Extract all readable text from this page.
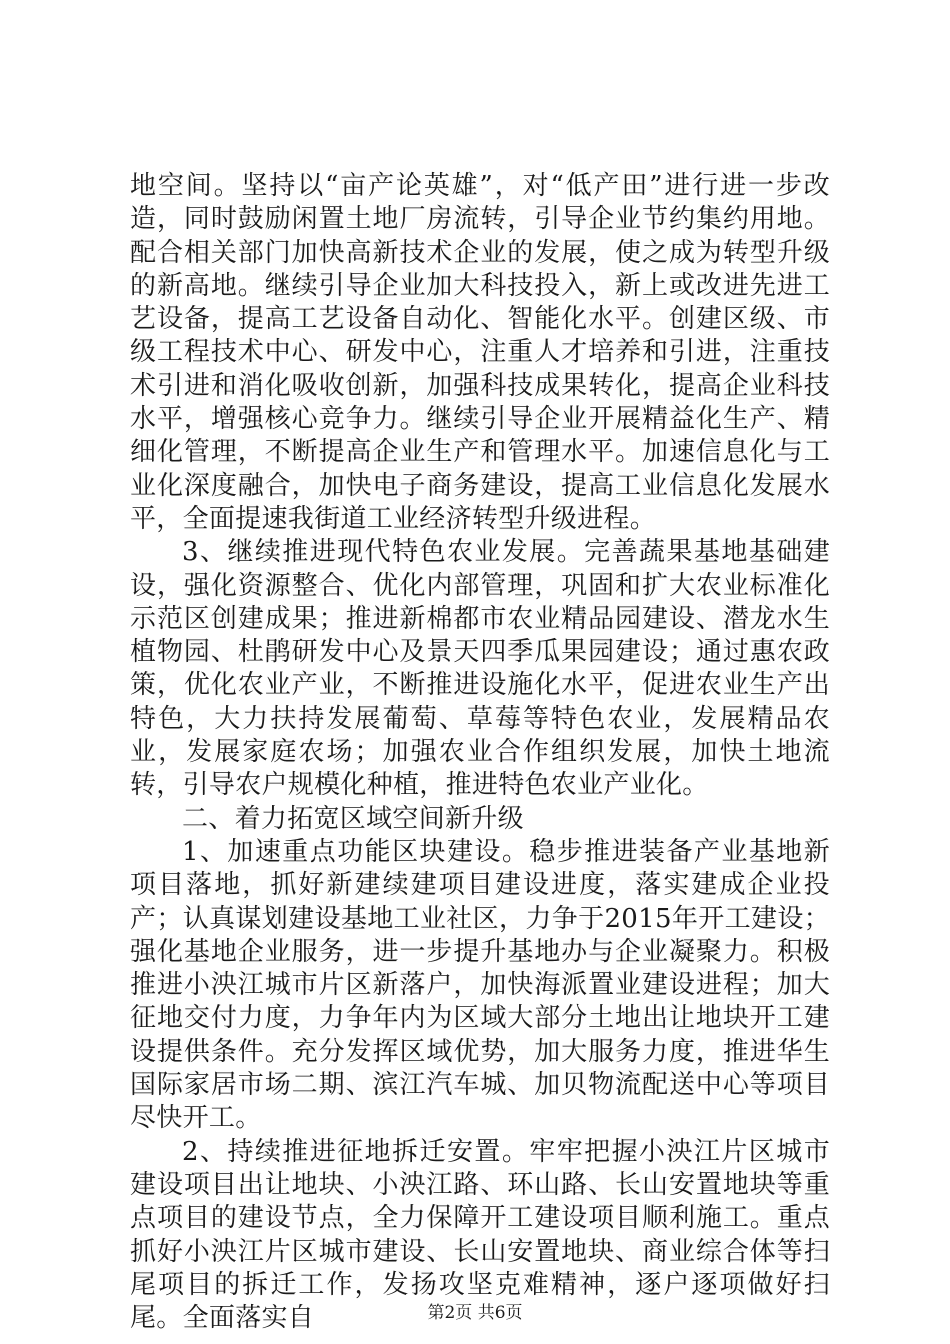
地空间。坚持以“亩产论英雄”，对“低产田”进行进一步改造，同时鼓励闲置土地厂房流转，引导企业节约集约用地。配合相关部门加快高新技术企业的发展，使之成为转型升级的新高地。继续引导企业加大科技投入，新上或改进先进工艺设备，提高工艺设备自动化、智能化水平。创建区级、市级工程技术中心、研发中心，注重人才培养和引进，注重技术引进和消化吸收创新，加强科技成果转化，提高企业科技水平，增强核心竞争力。继续引导企业开展精益化生产、精细化管理，不断提高企业生产和管理水平。加速信息化与工业化深度融合，加快电子商务建设，提高工业信息化发展水平，全面提速我街道工业经济转型升级进程。

3、继续推进现代特色农业发展。完善蔬果基地基础建设，强化资源整合、优化内部管理，巩固和扩大农业标准化示范区创建成果；推进新棉都市农业精品园建设、潜龙水生植物园、杜鹃研发中心及景天四季瓜果园建设；通过惠农政策，优化农业产业，不断推进设施化水平，促进农业生产出特色，大力扶持发展葡萄、草莓等特色农业，发展精品农业，发展家庭农场；加强农业合作组织发展，加快土地流转，引导农户规模化种植，推进特色农业产业化。

二、着力拓宽区域空间新升级

1、加速重点功能区块建设。稳步推进装备产业基地新项目落地，抓好新建续建项目建设进度，落实建成企业投产；认真谋划建设基地工业社区，力争于2015年开工建设；强化基地企业服务，进一步提升基地办与企业凝聚力。积极推进小泱江城市片区新落户，加快海派置业建设进程；加大征地交付力度，力争年内为区域大部分土地出让地块开工建设提供条件。充分发挥区域优势，加大服务力度，推进华生国际家居市场二期、滨江汽车城、加贝物流配送中心等项目尽快开工。

2、持续推进征地拆迁安置。牢牢把握小泱江片区城市建设项目出让地块、小泱江路、环山路、长山安置地块等重点项目的建设节点，全力保障开工建设项目顺利施工。重点抓好小泱江片区城市建设、长山安置地块、商业综合体等扫尾项目的拆迁工作，发扬攻坚克难精神，逐户逐项做好扫尾。全面落实自	第2页 共6页
